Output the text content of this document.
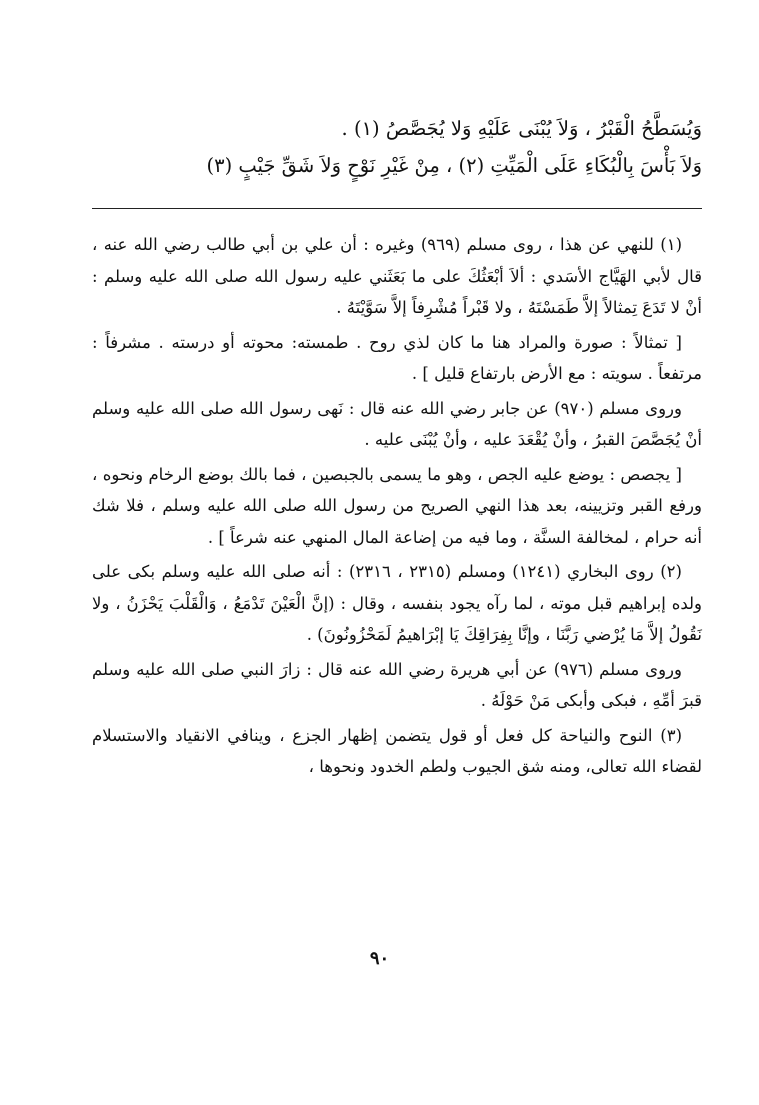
وَيُسَطَّحُ الْقَبْرُ ، وَلاَ يُبْنَى عَلَيْهِ وَلا يُجَصَّصُ (١) .

وَلاَ بَأْسَ بِالْبُكَاءِ عَلَى الْمَيِّتِ (٢) ، مِنْ غَيْرِ نَوْحٍ وَلاَ شَقِّ جَيْبٍ (٣)

(١) للنهي عن هذا ، روى مسلم (٩٦٩) وغيره : أن علي بن أبي طالب رضي الله عنه ، قال لأبي الهَيَّاج الأسَدي : ألاَ أبْعَثُكَ على ما بَعَثَني عليه رسول الله صلى الله عليه وسلم : أنْ لا تَدَعَ تِمثالاً إلاَّ طَمَسْتَهُ ، ولا قَبْراً مُشْرِفاً إلاَّ سَوَّيْتَهُ .

[ تمثالاً : صورة والمراد هنا ما كان لذي روح . طمسته: محوته أو درسته . مشرفاً : مرتفعاً . سويته : مع الأرض بارتفاع قليل ] .

وروى مسلم (٩٧٠) عن جابر رضي الله عنه قال : نَهى رسول الله صلى الله عليه وسلم أنْ يُجَصَّصَ القبرُ ، وأنْ يُقْعَدَ عليه ، وأنْ يُبْنَى عليه .

[ يجصص : يوضع عليه الجص ، وهو ما يسمى بالجبصين ، فما بالك بوضع الرخام ونحوه ، ورفع القبر وتزيينه، بعد هذا النهي الصريح من رسول الله صلى الله عليه وسلم ، فلا شك أنه حرام ، لمخالفة السنَّة ، وما فيه من إضاعة المال المنهي عنه شرعاً ] .

(٢) روى البخاري (١٢٤١) ومسلم (٢٣١٥ ، ٢٣١٦) : أنه صلى الله عليه وسلم بكى على ولده إبراهيم قبل موته ، لما رآه يجود بنفسه ، وقال : (إنَّ الْعَيْنَ تَدْمَعُ ، وَالْقَلْبَ يَحْزَنُ ، ولا نَقُولُ إلاَّ مَا يُرْضي رَبَّنَا ، وإنَّا بِفِرَاقِكَ يَا إبْرَاهيمُ لَمَحْزُونُونَ) .

وروى مسلم (٩٧٦) عن أبي هريرة رضي الله عنه قال : زارَ النبي صلى الله عليه وسلم قبرَ أمِّهِ ، فبكى وأبكى مَنْ حَوْلَهُ .

(٣) النوح والنياحة كل فعل أو قول يتضمن إظهار الجزع ، وينافي الانقياد والاستسلام لقضاء الله تعالى، ومنه شق الجيوب ولطم الخدود ونحوها ،

٩٠
